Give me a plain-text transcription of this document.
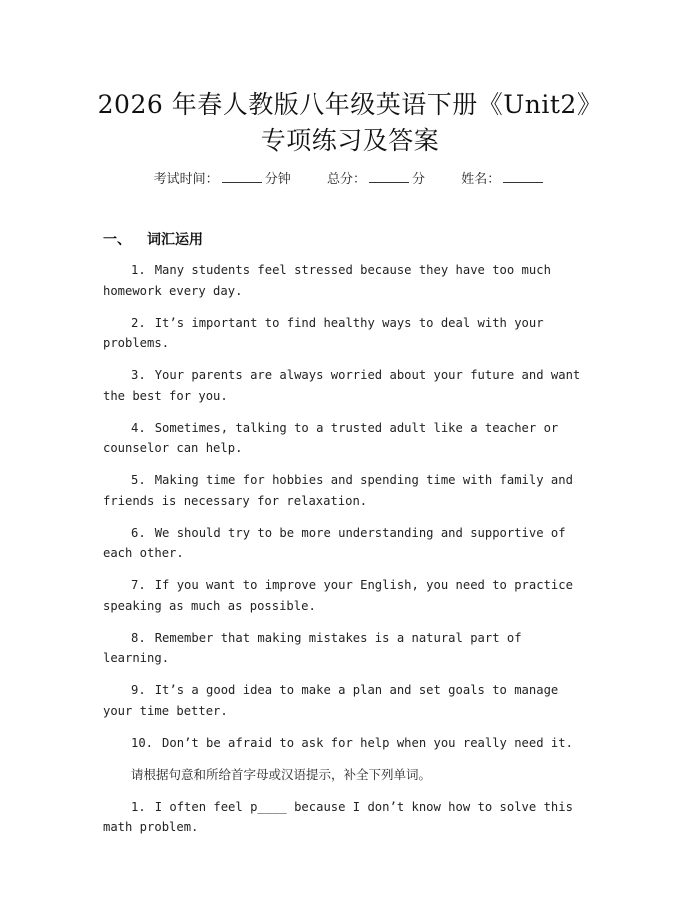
2026 年春人教版八年级英语下册《Unit2》
专项练习及答案
考试时间：	分钟	总分：	分	姓名：
一、 词汇运用
1. Many students feel stressed because they have too much homework every day.
2. It’s important to find healthy ways to deal with your problems.
3. Your parents are always worried about your future and want the best for you.
4. Sometimes, talking to a trusted adult like a teacher or counselor can help.
5. Making time for hobbies and spending time with family and friends is necessary for relaxation.
6. We should try to be more understanding and supportive of each other.
7. If you want to improve your English, you need to practice speaking as much as possible.
8. Remember that making mistakes is a natural part of learning.
9. It’s a good idea to make a plan and set goals to manage your time better.
10. Don’t be afraid to ask for help when you really need it.
请根据句意和所给首字母或汉语提示，补全下列单词。
1. I often feel p____ because I don’t know how to solve this math problem.
